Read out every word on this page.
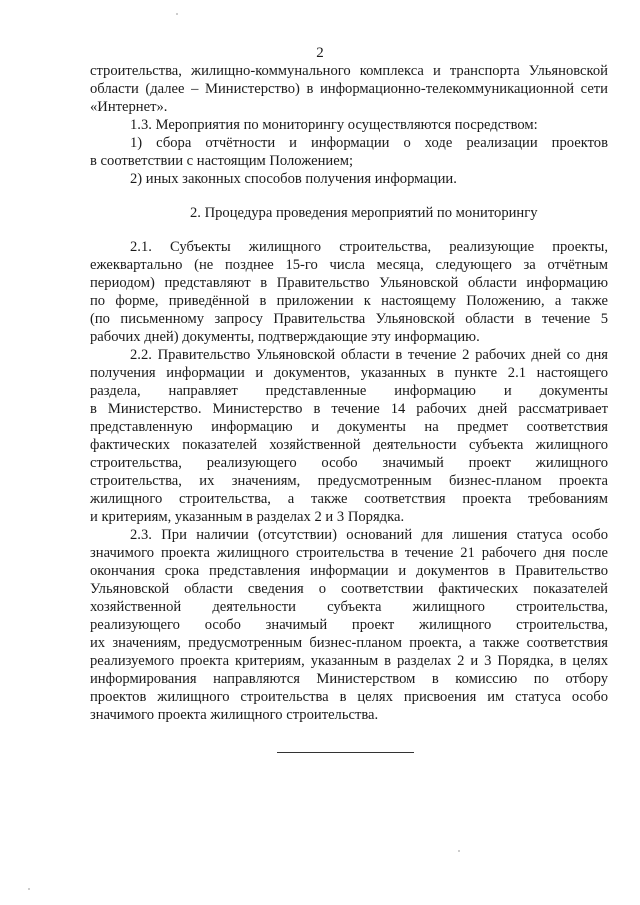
2
строительства, жилищно-коммунального комплекса и транспорта Ульяновской
области (далее – Министерство) в информационно-телекоммуникационной сети
«Интернет».
1.3. Мероприятия по мониторингу осуществляются посредством:
1) сбора отчётности и информации о ходе реализации проектов
в соответствии с настоящим Положением;
2) иных законных способов получения информации.
2. Процедура проведения мероприятий по мониторингу
2.1. Субъекты жилищного строительства, реализующие проекты,
ежеквартально (не позднее 15-го числа месяца, следующего за отчётным
периодом) представляют в Правительство Ульяновской области информацию
по форме, приведённой в приложении к настоящему Положению, а также
(по письменному запросу Правительства Ульяновской области в течение 5
рабочих дней) документы, подтверждающие эту информацию.
2.2. Правительство Ульяновской области в течение 2 рабочих дней со дня
получения информации и документов, указанных в пункте 2.1 настоящего
раздела, направляет представленные информацию и документы
в Министерство. Министерство в течение 14 рабочих дней рассматривает
представленную информацию и документы на предмет соответствия
фактических показателей хозяйственной деятельности субъекта жилищного
строительства, реализующего особо значимый проект жилищного
строительства, их значениям, предусмотренным бизнес-планом проекта
жилищного строительства, а также соответствия проекта требованиям
и критериям, указанным в разделах 2 и 3 Порядка.
2.3. При наличии (отсутствии) оснований для лишения статуса особо
значимого проекта жилищного строительства в течение 21 рабочего дня после
окончания срока представления информации и документов в Правительство
Ульяновской области сведения о соответствии фактических показателей
хозяйственной деятельности субъекта жилищного строительства,
реализующего особо значимый проект жилищного строительства,
их значениям, предусмотренным бизнес-планом проекта, а также соответствия
реализуемого проекта критериям, указанным в разделах 2 и 3 Порядка, в целях
информирования направляются Министерством в комиссию по отбору
проектов жилищного строительства в целях присвоения им статуса особо
значимого проекта жилищного строительства.
